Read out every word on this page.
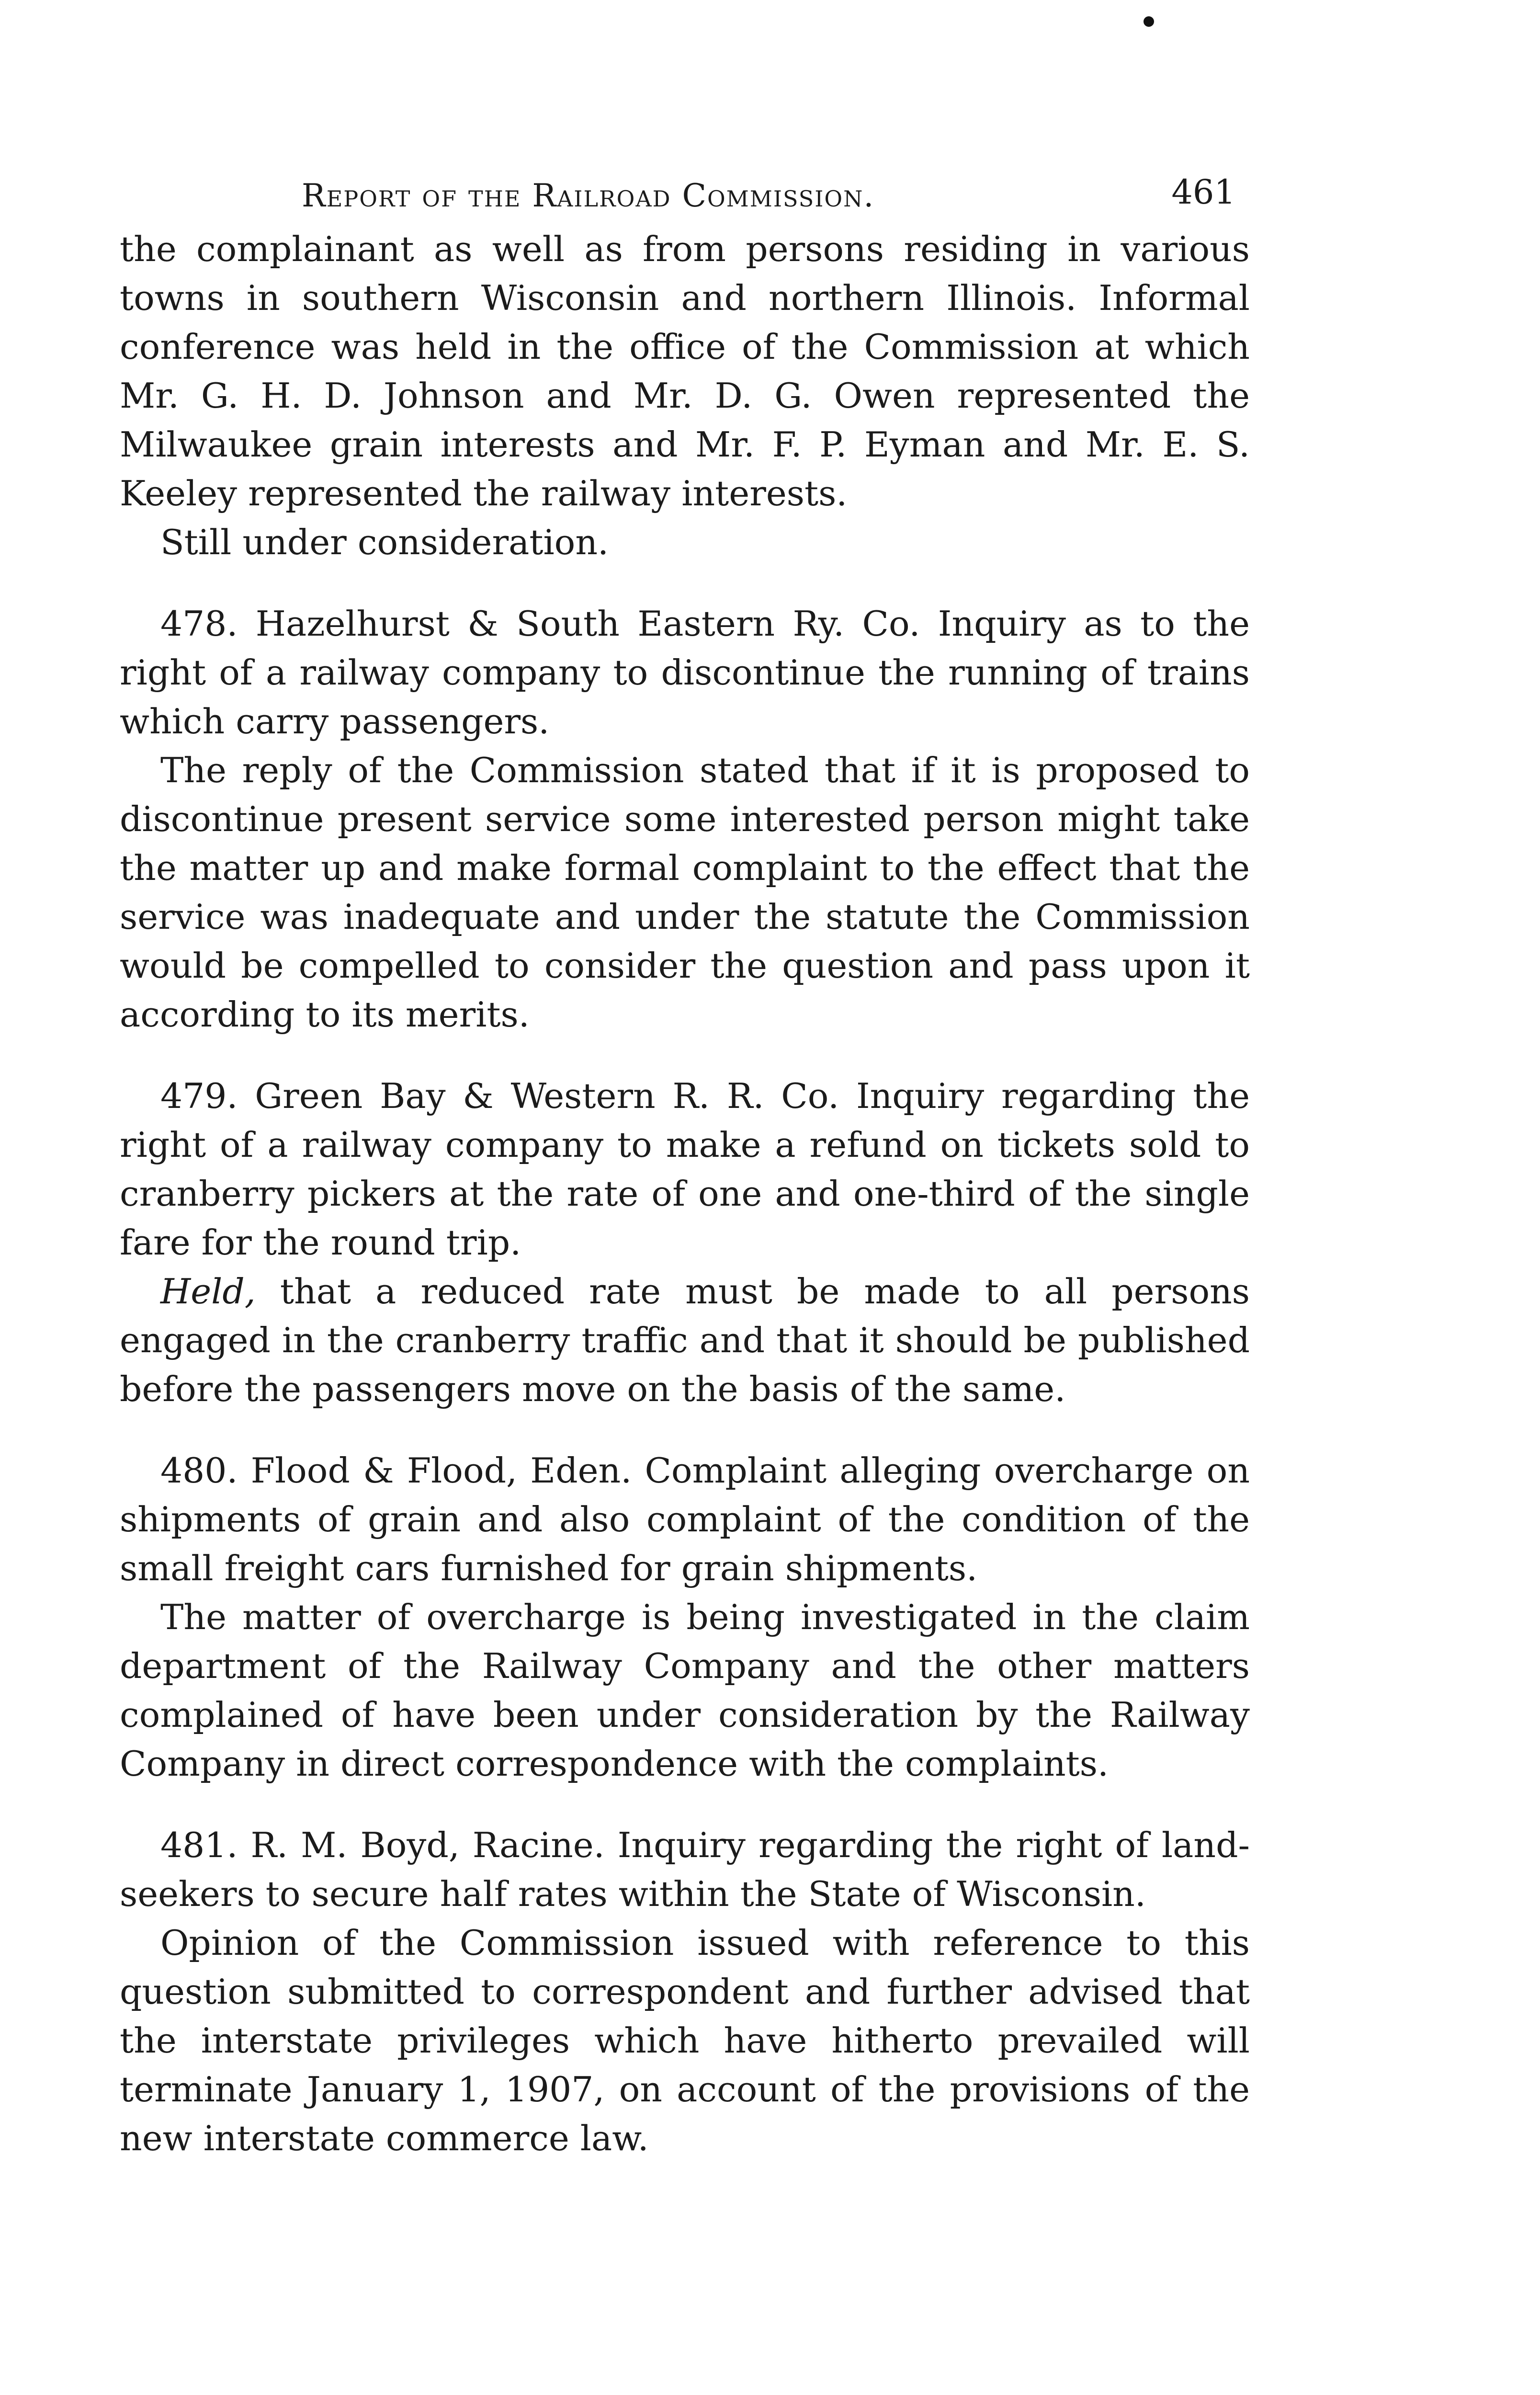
Report of the Railroad Commission.	461

the complainant as well as from persons residing in various towns in southern Wisconsin and northern Illinois. Informal conference was held in the office of the Commission at which Mr. G. H. D. Johnson and Mr. D. G. Owen represented the Milwaukee grain interests and Mr. F. P. Eyman and Mr. E. S. Keeley represented the railway interests.

Still under consideration.

478. Hazelhurst & South Eastern Ry. Co. Inquiry as to the right of a railway company to discontinue the running of trains which carry passengers.

The reply of the Commission stated that if it is proposed to discontinue present service some interested person might take the matter up and make formal complaint to the effect that the service was inadequate and under the statute the Commission would be compelled to consider the question and pass upon it according to its merits.

479. Green Bay & Western R. R. Co. Inquiry regarding the right of a railway company to make a refund on tickets sold to cranberry pickers at the rate of one and one-third of the single fare for the round trip.

Held, that a reduced rate must be made to all persons engaged in the cranberry traffic and that it should be published before the passengers move on the basis of the same.

480. Flood & Flood, Eden. Complaint alleging overcharge on shipments of grain and also complaint of the condition of the small freight cars furnished for grain shipments.

The matter of overcharge is being investigated in the claim department of the Railway Company and the other matters complained of have been under consideration by the Railway Company in direct correspondence with the complaints.

481. R. M. Boyd, Racine. Inquiry regarding the right of land-seekers to secure half rates within the State of Wisconsin.

Opinion of the Commission issued with reference to this question submitted to correspondent and further advised that the interstate privileges which have hitherto prevailed will terminate January 1, 1907, on account of the provisions of the new interstate commerce law.
